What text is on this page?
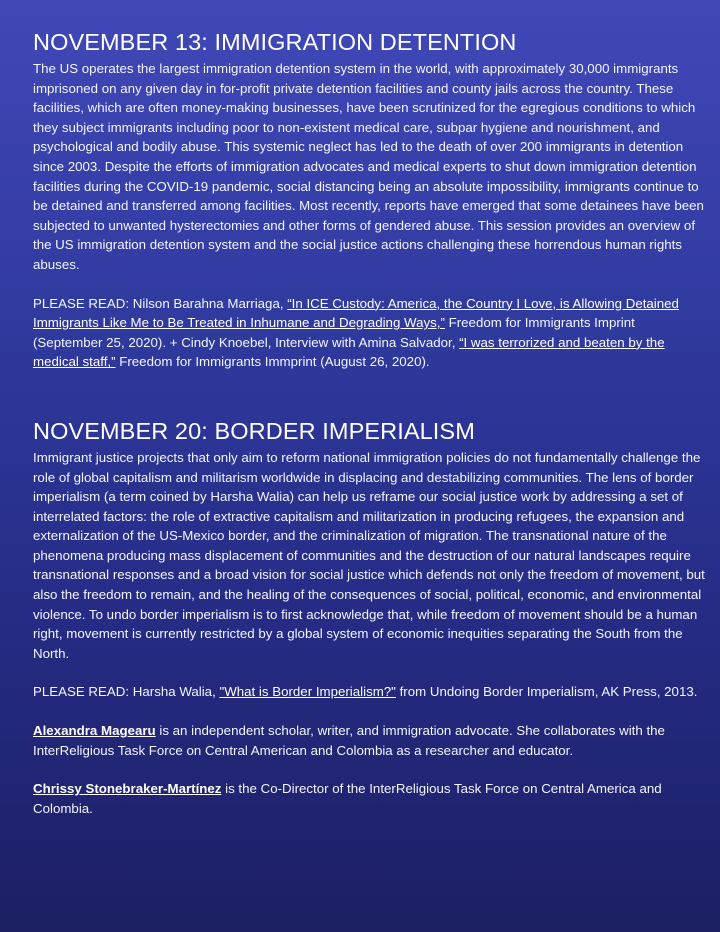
NOVEMBER 13: IMMIGRATION DETENTION

The US operates the largest immigration detention system in the world, with approximately 30,000 immigrants imprisoned on any given day in for-profit private detention facilities and county jails across the country. These facilities, which are often money-making businesses, have been scrutinized for the egregious conditions to which they subject immigrants including poor to non-existent medical care, subpar hygiene and nourishment, and psychological and bodily abuse. This systemic neglect has led to the death of over 200 immigrants in detention since 2003. Despite the efforts of immigration advocates and medical experts to shut down immigration detention facilities during the COVID-19 pandemic, social distancing being an absolute impossibility, immigrants continue to be detained and transferred among facilities. Most recently, reports have emerged that some detainees have been subjected to unwanted hysterectomies and other forms of gendered abuse. This session provides an overview of the US immigration detention system and the social justice actions challenging these horrendous human rights abuses.

PLEASE READ: Nilson Barahna Marriaga, “In ICE Custody: America, the Country I Love, is Allowing Detained Immigrants Like Me to Be Treated in Inhumane and Degrading Ways,” Freedom for Immigrants Imprint (September 25, 2020). + Cindy Knoebel, Interview with Amina Salvador, “I was terrorized and beaten by the medical staff,” Freedom for Immigrants Immprint (August 26, 2020).

NOVEMBER 20: BORDER IMPERIALISM

Immigrant justice projects that only aim to reform national immigration policies do not fundamentally challenge the role of global capitalism and militarism worldwide in displacing and destabilizing communities. The lens of border imperialism (a term coined by Harsha Walia) can help us reframe our social justice work by addressing a set of interrelated factors: the role of extractive capitalism and militarization in producing refugees, the expansion and externalization of the US-Mexico border, and the criminalization of migration. The transnational nature of the phenomena producing mass displacement of communities and the destruction of our natural landscapes require transnational responses and a broad vision for social justice which defends not only the freedom of movement, but also the freedom to remain, and the healing of the consequences of social, political, economic, and environmental violence. To undo border imperialism is to first acknowledge that, while freedom of movement should be a human right, movement is currently restricted by a global system of economic inequities separating the South from the North.

PLEASE READ: Harsha Walia, "What is Border Imperialism?" from Undoing Border Imperialism, AK Press, 2013.

Alexandra Magearu is an independent scholar, writer, and immigration advocate. She collaborates with the InterReligious Task Force on Central American and Colombia as a researcher and educator.

Chrissy Stonebraker-Martínez is the Co-Director of the InterReligious Task Force on Central America and Colombia.
